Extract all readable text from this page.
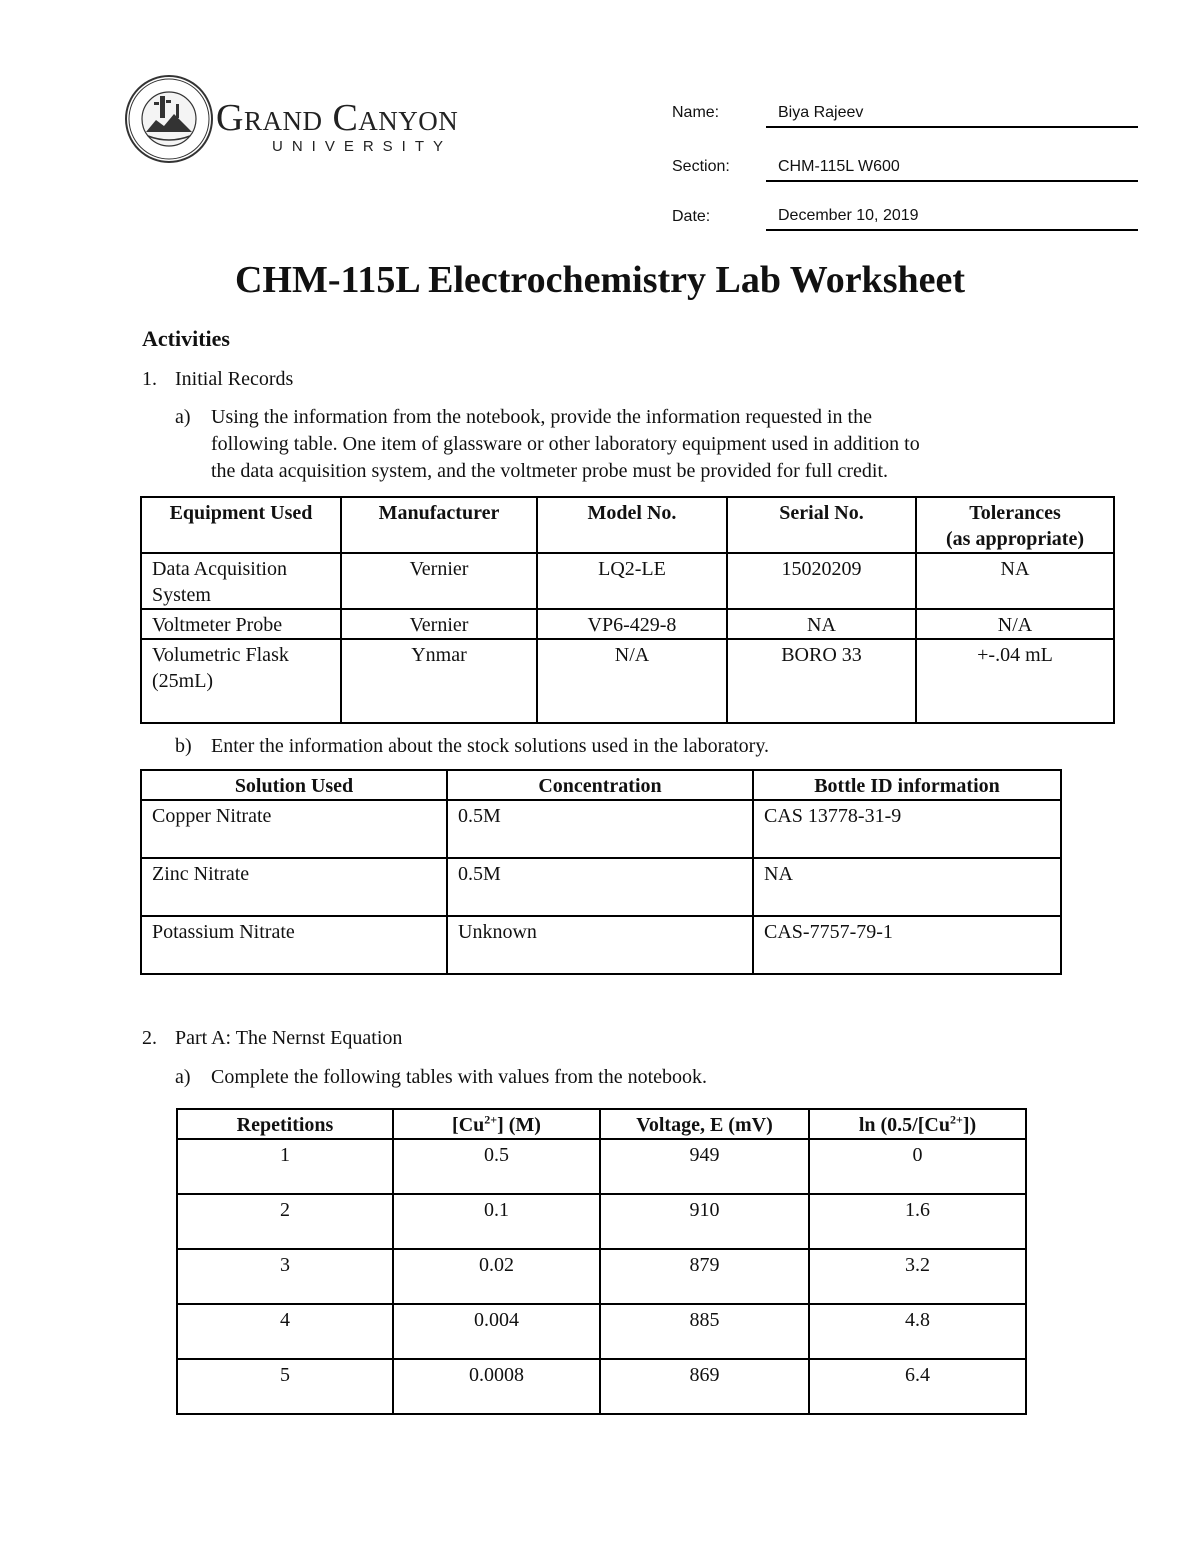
Grand Canyon
UNIVERSITY
Name:	Biya Rajeev
Section:	CHM-115L W600
Date:	December 10, 2019
CHM-115L Electrochemistry Lab Worksheet
Activities
1. Initial Records
a) Using the information from the notebook, provide the information requested in the
following table. One item of glassware or other laboratory equipment used in addition to
the data acquisition system, and the voltmeter probe must be provided for full credit.
Equipment Used	Manufacturer	Model No.	Serial No.	Tolerances
(as appropriate)

Data Acquisition
System	Vernier	LQ2-LE	15020209	NA
Voltmeter Probe	Vernier	VP6-429-8	NA	N/A

Volumetric Flask
(25mL)	Ynmar	N/A	BORO 33	+-.04 mL
b) Enter the information about the stock solutions used in the laboratory.
Solution Used	Concentration	Bottle ID information
Copper Nitrate	0.5M	CAS 13778-31-9
Zinc Nitrate	0.5M	NA
Potassium Nitrate	Unknown	CAS-7757-79-1
2. Part A: The Nernst Equation
a) Complete the following tables with values from the notebook.
Repetitions	$[Cu^{2+}]$ (M)	Voltage, E (mV)	$\ln (0.5/[Cu^{2+}])$
1	0.5	949	0
2	0.1	910	1.6
3	0.02	879	3.2
4	0.004	885	4.8
5	0.0008	869	6.4
